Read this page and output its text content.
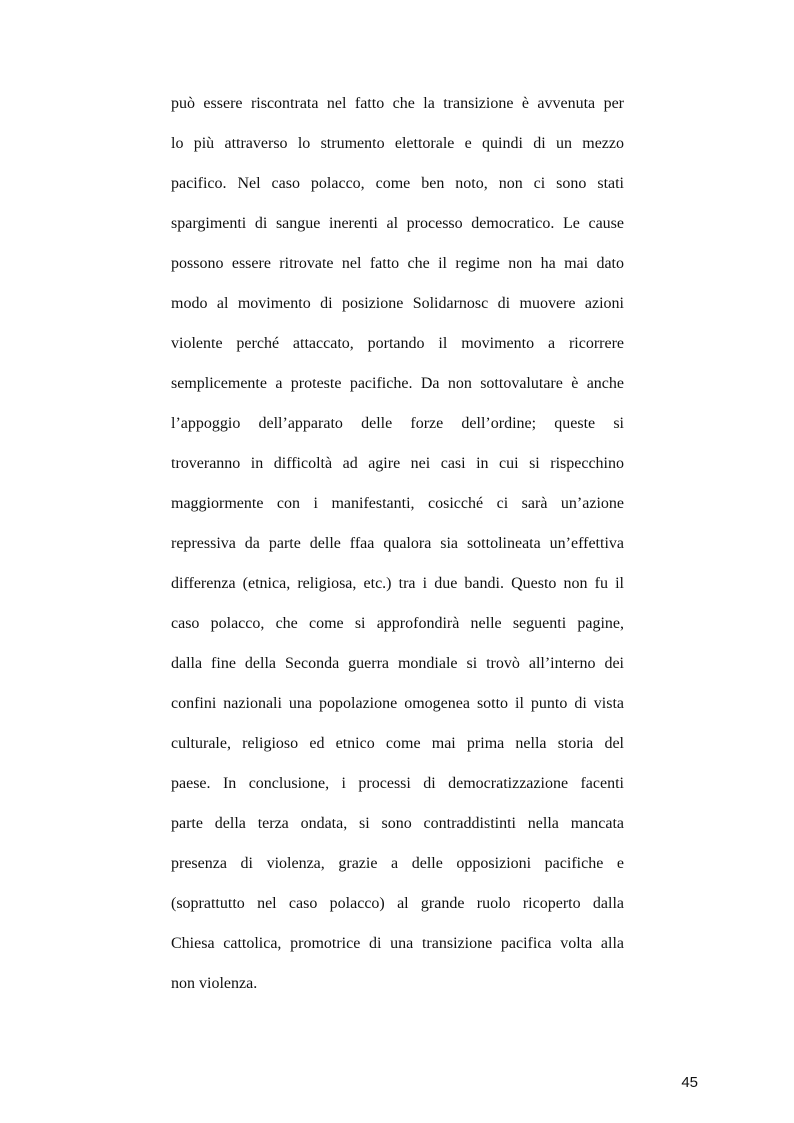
può essere riscontrata nel fatto che la transizione è avvenuta per
lo più attraverso lo strumento elettorale e quindi di un mezzo
pacifico. Nel caso polacco, come ben noto, non ci sono stati
spargimenti di sangue inerenti al processo democratico. Le cause
possono essere ritrovate nel fatto che il regime non ha mai dato
modo al movimento di posizione Solidarnosc di muovere azioni
violente perché attaccato, portando il movimento a ricorrere
semplicemente a proteste pacifiche. Da non sottovalutare è anche
l’appoggio dell’apparato delle forze dell’ordine; queste si
troveranno in difficoltà ad agire nei casi in cui si rispecchino
maggiormente con i manifestanti, cosicché ci sarà un’azione
repressiva da parte delle ffaa qualora sia sottolineata un’effettiva
differenza (etnica, religiosa, etc.) tra i due bandi. Questo non fu il
caso polacco, che come si approfondirà nelle seguenti pagine,
dalla fine della Seconda guerra mondiale si trovò all’interno dei
confini nazionali una popolazione omogenea sotto il punto di vista
culturale, religioso ed etnico come mai prima nella storia del
paese. In conclusione, i processi di democratizzazione facenti
parte della terza ondata, si sono contraddistinti nella mancata
presenza di violenza, grazie a delle opposizioni pacifiche e
(soprattutto nel caso polacco) al grande ruolo ricoperto dalla
Chiesa cattolica, promotrice di una transizione pacifica volta alla
non violenza.
45
